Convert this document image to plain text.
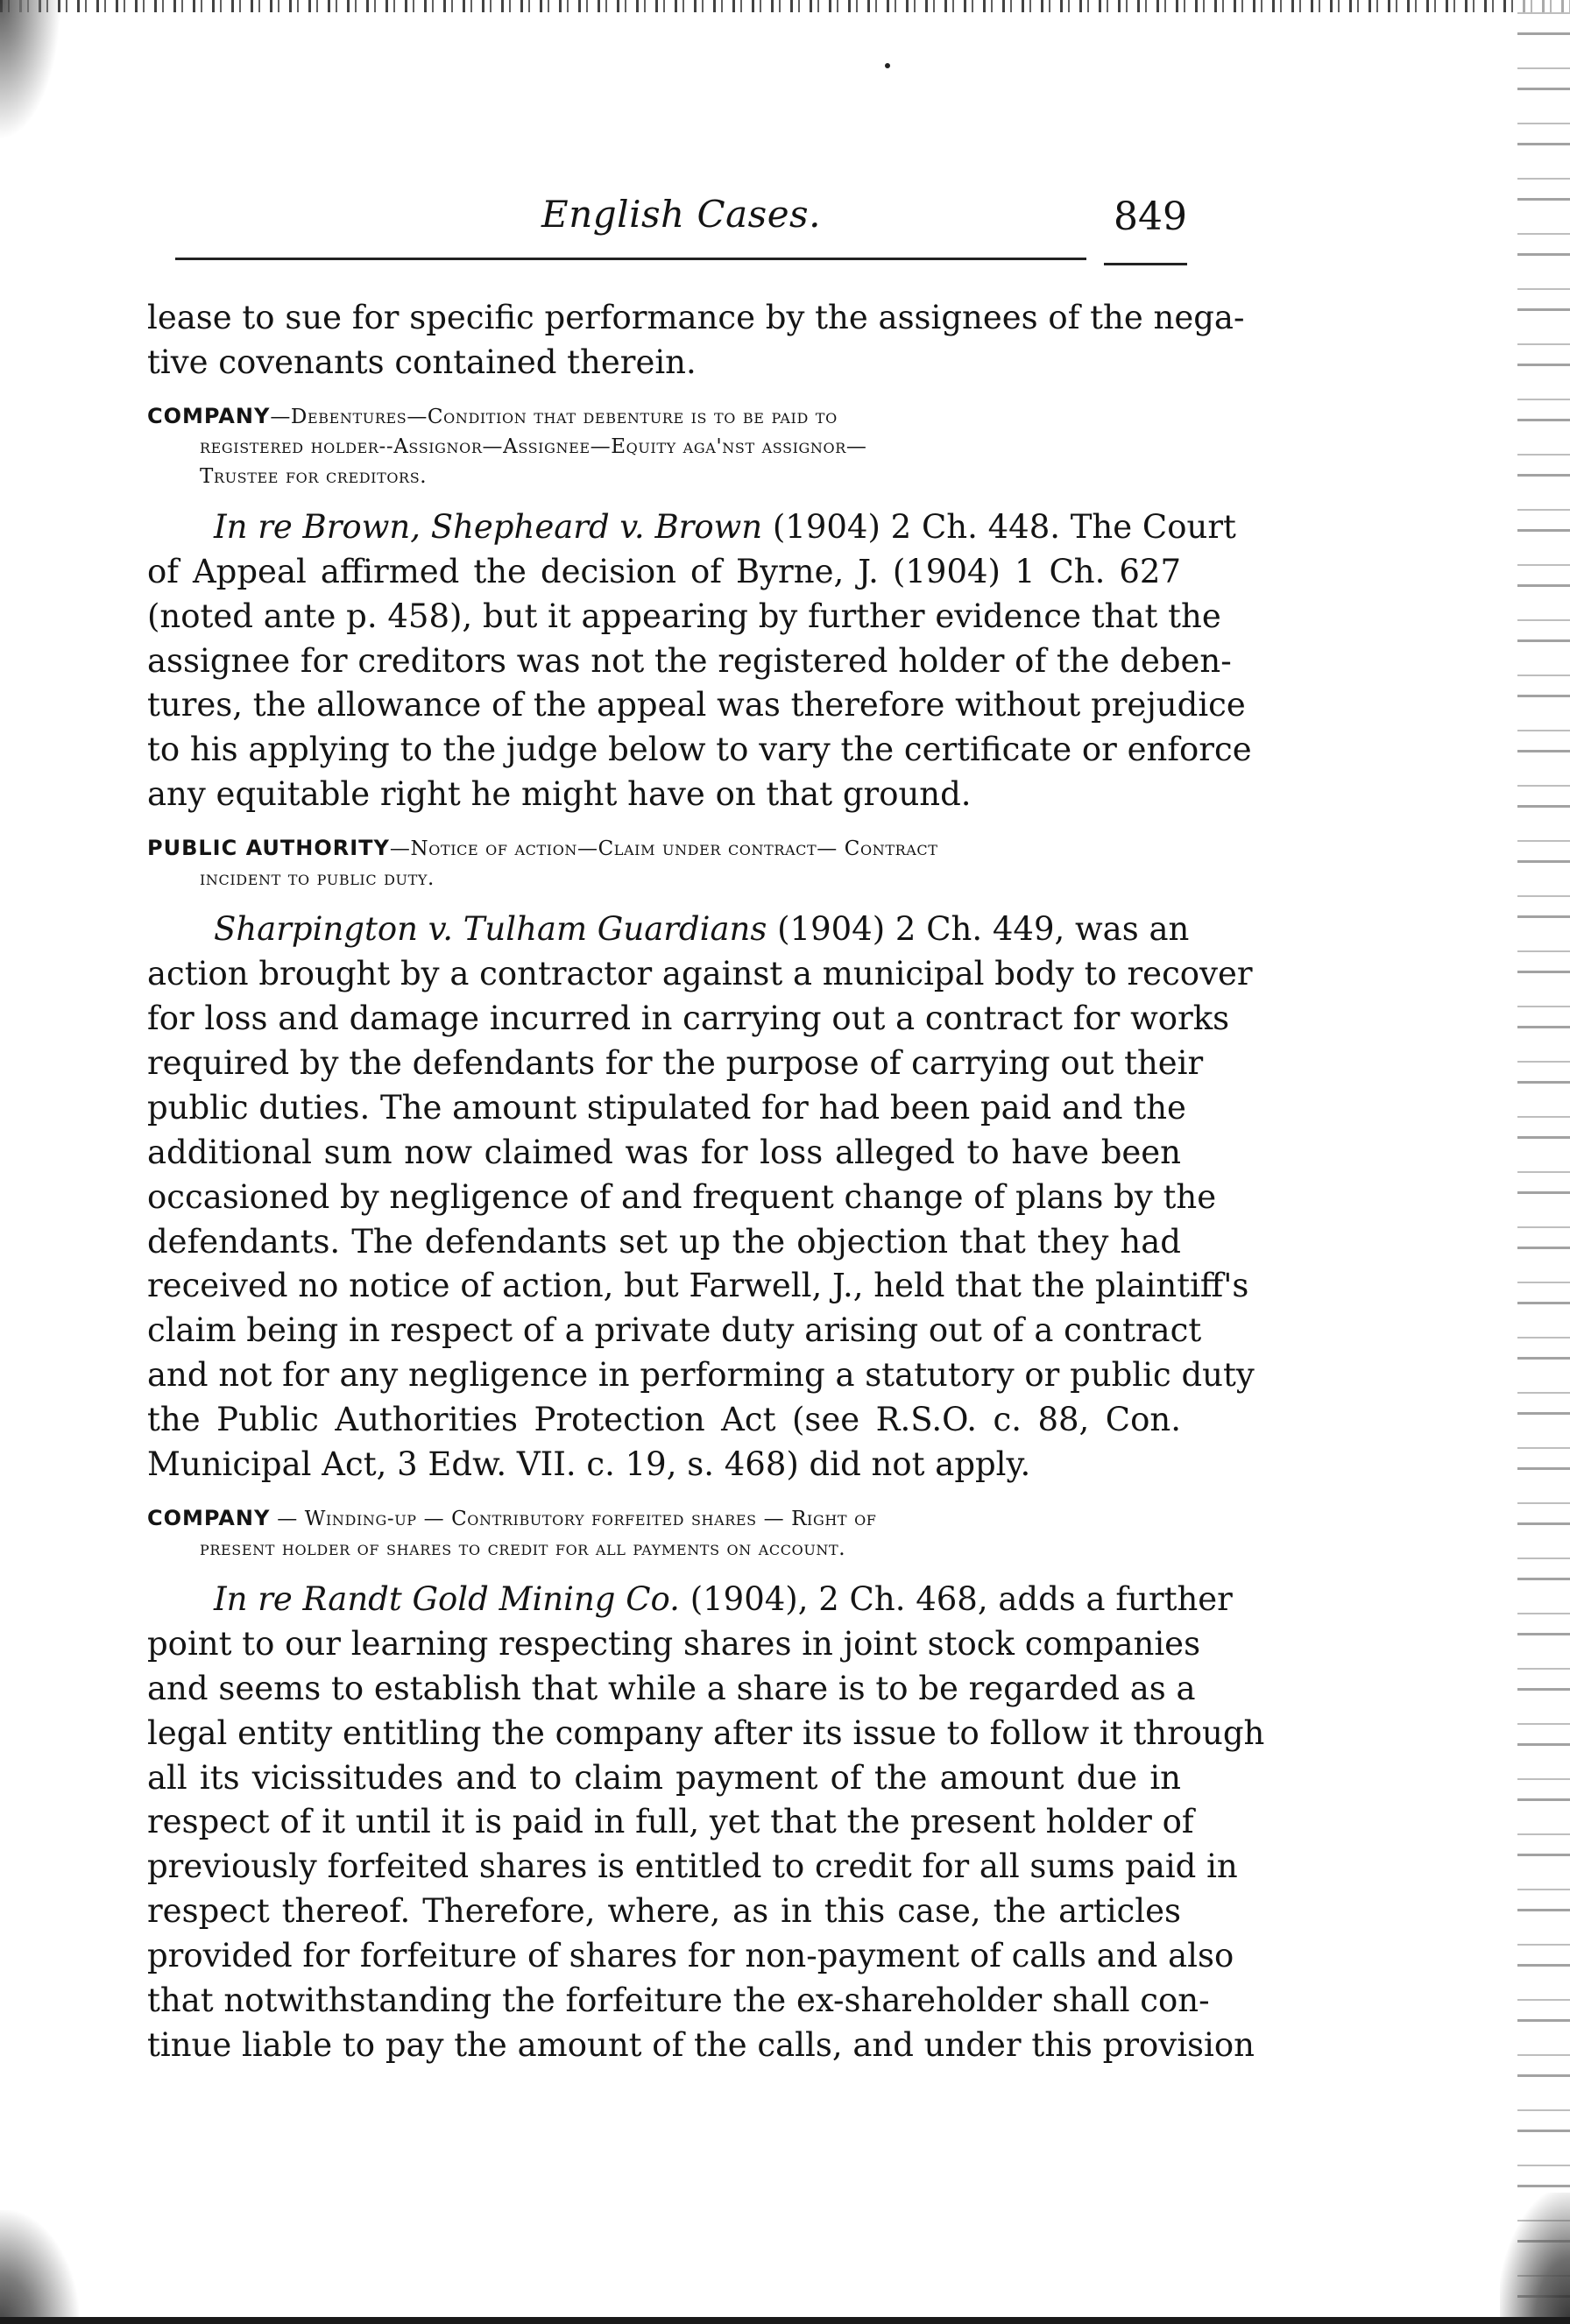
English Cases.	849
lease to sue for specific performance by the assignees of the nega-
tive covenants contained therein.
COMPANY—Debentures—Condition that debenture is to be paid to
registered holder--Assignor—Assignee—Equity aga'nst assignor—
Trustee for creditors.
In re Brown, Shepheard v. Brown (1904) 2 Ch. 448. The Court
of Appeal affirmed the decision of Byrne, J. (1904) 1 Ch. 627
(noted ante p. 458), but it appearing by further evidence that the
assignee for creditors was not the registered holder of the deben-
tures, the allowance of the appeal was therefore without prejudice
to his applying to the judge below to vary the certificate or enforce
any equitable right he might have on that ground.
PUBLIC AUTHORITY—Notice of action—Claim under contract— Contract
incident to public duty.
Sharpington v. Tulham Guardians (1904) 2 Ch. 449, was an
action brought by a contractor against a municipal body to recover
for loss and damage incurred in carrying out a contract for works
required by the defendants for the purpose of carrying out their
public duties. The amount stipulated for had been paid and the
additional sum now claimed was for loss alleged to have been
occasioned by negligence of and frequent change of plans by the
defendants. The defendants set up the objection that they had
received no notice of action, but Farwell, J., held that the plaintiff's
claim being in respect of a private duty arising out of a contract
and not for any negligence in performing a statutory or public duty
the Public Authorities Protection Act (see R.S.O. c. 88, Con.
Municipal Act, 3 Edw. VII. c. 19, s. 468) did not apply.
COMPANY — Winding-up — Contributory forfeited shares — Right of
present holder of shares to credit for all payments on account.
In re Randt Gold Mining Co. (1904), 2 Ch. 468, adds a further
point to our learning respecting shares in joint stock companies
and seems to establish that while a share is to be regarded as a
legal entity entitling the company after its issue to follow it through
all its vicissitudes and to claim payment of the amount due in
respect of it until it is paid in full, yet that the present holder of
previously forfeited shares is entitled to credit for all sums paid in
respect thereof. Therefore, where, as in this case, the articles
provided for forfeiture of shares for non-payment of calls and also
that notwithstanding the forfeiture the ex-shareholder shall con-
tinue liable to pay the amount of the calls, and under this provision
